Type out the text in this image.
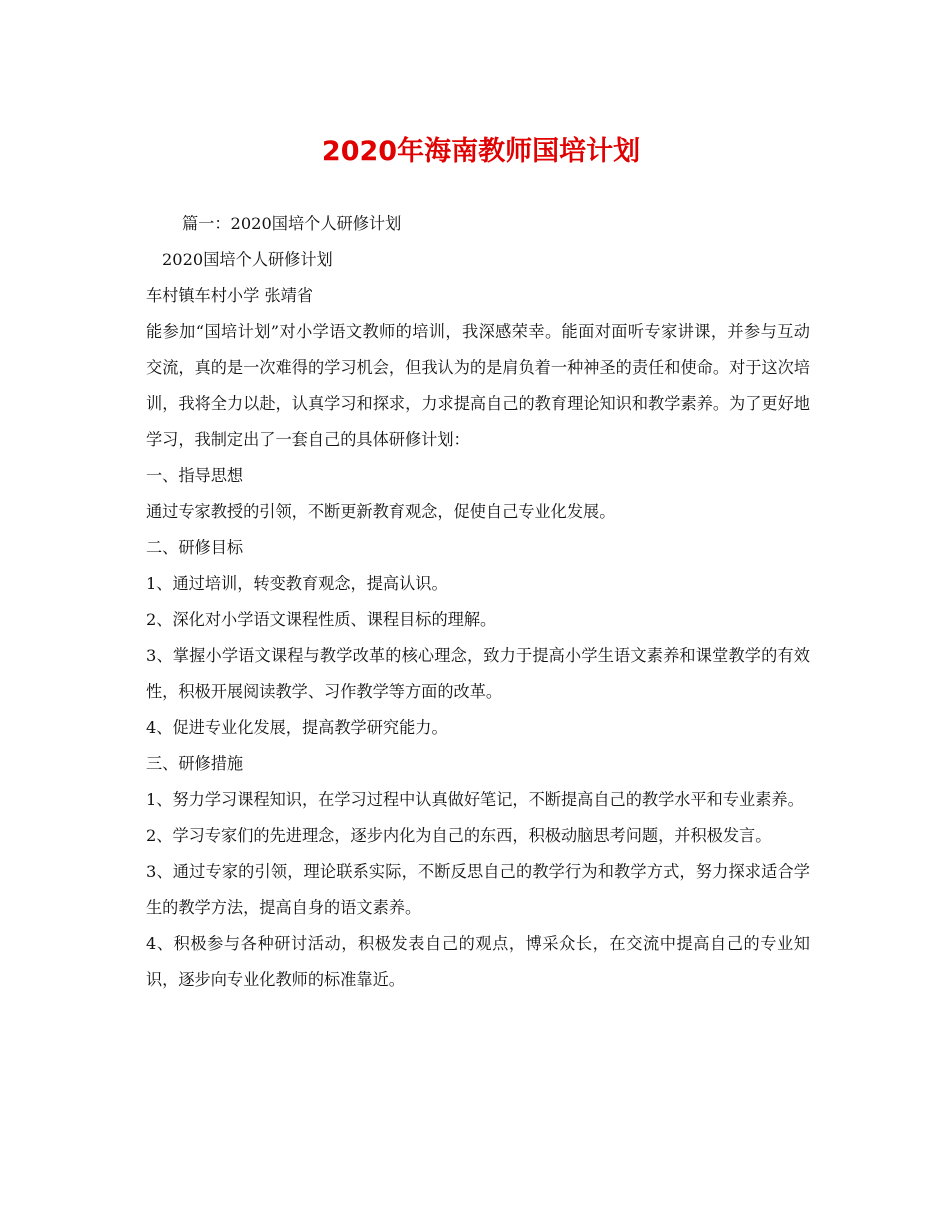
2020年海南教师国培计划

篇一：2020国培个人研修计划

2020国培个人研修计划

车村镇车村小学 张靖省

能参加“国培计划”对小学语文教师的培训，我深感荣幸。能面对面听专家讲课，并参与互动交流，真的是一次难得的学习机会，但我认为的是肩负着一种神圣的责任和使命。对于这次培训，我将全力以赴，认真学习和探求，力求提高自己的教育理论知识和教学素养。为了更好地学习，我制定出了一套自己的具体研修计划：

一、指导思想

通过专家教授的引领，不断更新教育观念，促使自己专业化发展。

二、研修目标

1、通过培训，转变教育观念，提高认识。

2、深化对小学语文课程性质、课程目标的理解。

3、掌握小学语文课程与教学改革的核心理念，致力于提高小学生语文素养和课堂教学的有效性，积极开展阅读教学、习作教学等方面的改革。

4、促进专业化发展，提高教学研究能力。

三、研修措施

1、努力学习课程知识，在学习过程中认真做好笔记，不断提高自己的教学水平和专业素养。

2、学习专家们的先进理念，逐步内化为自己的东西，积极动脑思考问题，并积极发言。

3、通过专家的引领，理论联系实际，不断反思自己的教学行为和教学方式，努力探求适合学生的教学方法，提高自身的语文素养。

4、积极参与各种研讨活动，积极发表自己的观点，博采众长，在交流中提高自己的专业知识，逐步向专业化教师的标准靠近。
